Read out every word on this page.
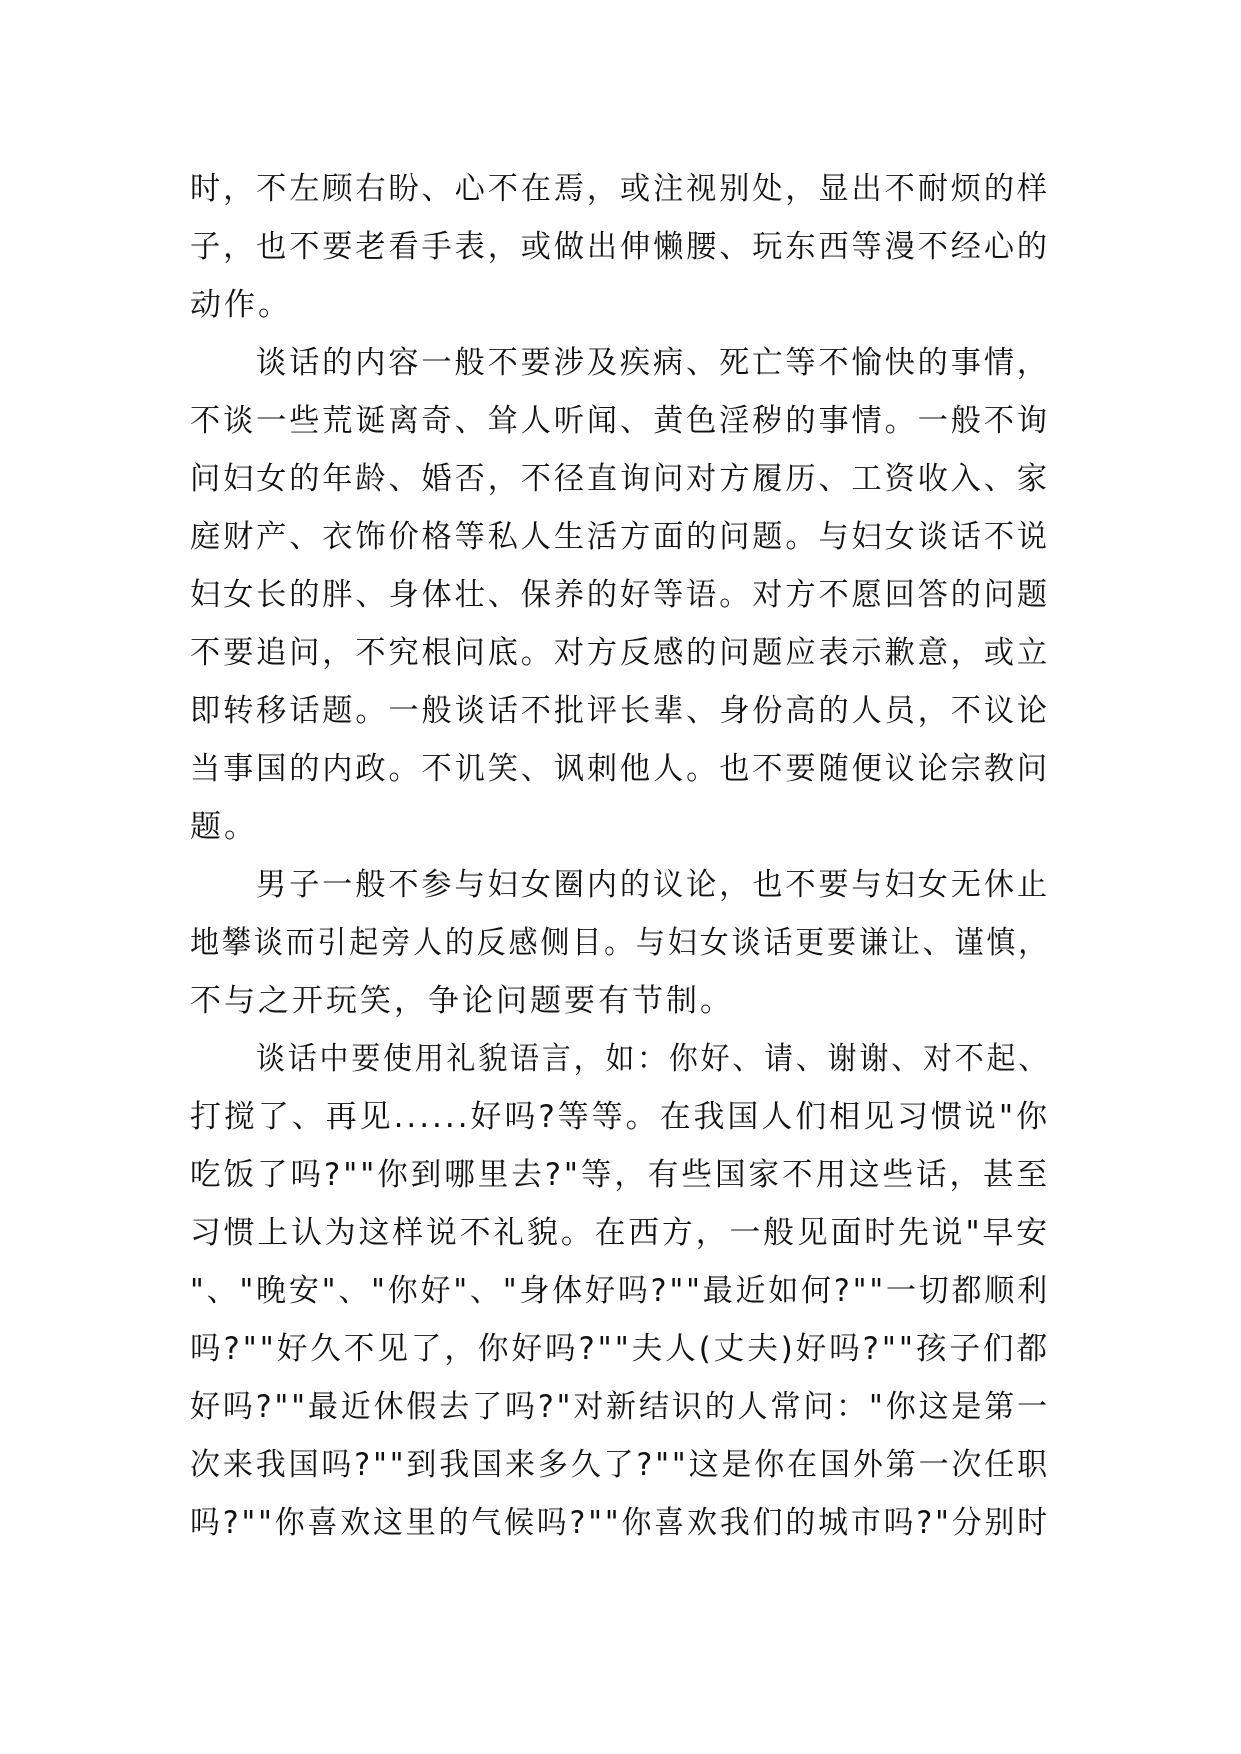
时，不左顾右盼、心不在焉，或注视别处，显出不耐烦的样
子，也不要老看手表，或做出伸懒腰、玩东西等漫不经心的
动作。
谈话的内容一般不要涉及疾病、死亡等不愉快的事情，
不谈一些荒诞离奇、耸人听闻、黄色淫秽的事情。一般不询
问妇女的年龄、婚否，不径直询问对方履历、工资收入、家
庭财产、衣饰价格等私人生活方面的问题。与妇女谈话不说
妇女长的胖、身体壮、保养的好等语。对方不愿回答的问题
不要追问，不究根问底。对方反感的问题应表示歉意，或立
即转移话题。一般谈话不批评长辈、身份高的人员，不议论
当事国的内政。不讥笑、讽刺他人。也不要随便议论宗教问
题。
男子一般不参与妇女圈内的议论，也不要与妇女无休止
地攀谈而引起旁人的反感侧目。与妇女谈话更要谦让、谨慎，
不与之开玩笑，争论问题要有节制。
谈话中要使用礼貌语言，如：你好、请、谢谢、对不起、
打搅了、再见......好吗?等等。在我国人们相见习惯说"你
吃饭了吗?""你到哪里去?"等，有些国家不用这些话，甚至
习惯上认为这样说不礼貌。在西方，一般见面时先说"早安
"、"晚安"、"你好"、"身体好吗?""最近如何?""一切都顺利
吗?""好久不见了，你好吗?""夫人(丈夫)好吗?""孩子们都
好吗?""最近休假去了吗?"对新结识的人常问："你这是第一
次来我国吗?""到我国来多久了?""这是你在国外第一次任职
吗?""你喜欢这里的气候吗?""你喜欢我们的城市吗?"分别时
